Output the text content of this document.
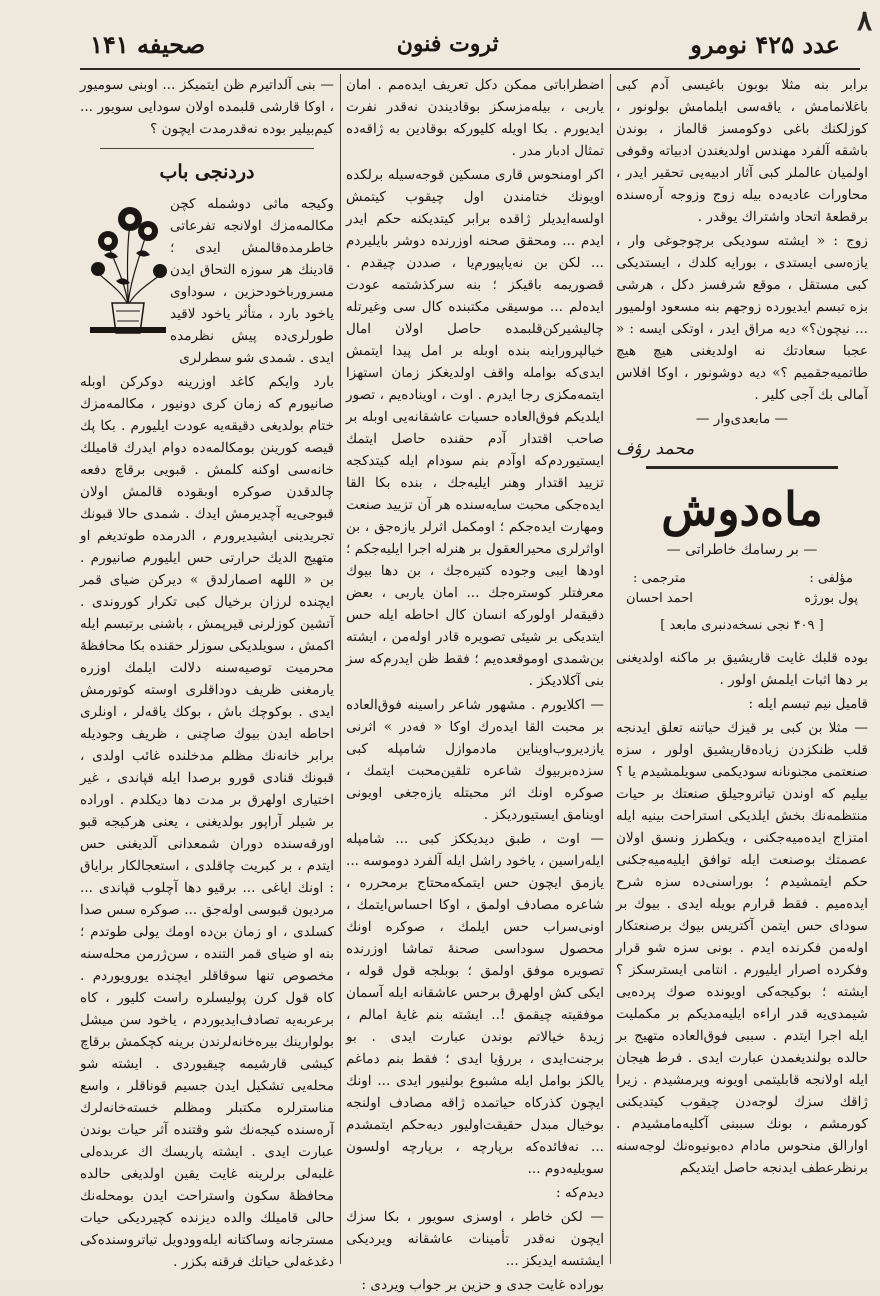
٨
عدد ۴۲۵ نومرو
ثروت فنون
صحیفه ۱۴۱

برابر بنه مثلا بوبون باغیسی آدم کبی باغلانمامش ، یاقه‌سی ایلمامش بولونور ، کوزلکنك باغی دوکومسز قالماز ، بوندن باشقه آلفرد مهندس اولدیغندن ادبیاته وقوفی اولمیان عالملر کبی آثار ادبیه‌یی تحقیر ایدر ، محاورات عادیه‌ده بیله زوج وزوجه آره‌سنده برقطعهٔ اتحاد واشتراك یوقدر .

زوج : « ایشته سودیکی برچوجوغی وار ، یازه‌سی ایستدی ، بورایه کلدك ، ایستدیکی کبی مستقل ، موقع شرفسز دکل ، هرشی بزه تبسم ایدیورده زوجهم بنه مسعود اولمیور ... نیچون؟» دیه مراق ایدر ، اوتکی ایسه : « عجبا سعادتك نه اولدیغنی هیچ هیچ طاتمیه‌جقمیم ؟» دیه دوشونور ، اوکا افلاس آمالی بك آجی کلیر .

— مابعدی‌وار —

محمد رؤف
ماه‌دوش
— بر رسامك خاطراتی —
مؤلفی :
پول بورژه
مترجمی :
احمد احسان
[ ۴۰۹ نجی نسخه‌دنبری مابعد ]

بوده قلبك غایت قاریشیق بر ماکنه اولدیغنی بر دها اثبات ایلمش اولور .

قامیل نیم تبسم ایله :

— مثلا بن کبی بر قیزك حیاتنه تعلق ایدنجه قلب ظنکزدن زیاده‌قاریشیق اولور ، سزه صنعتمی مجنونانه سودیکمی سویلمشیدم یا ؟ بیلیم که اوندن تیاتروجیلق صنعتك بر حیات منتظمه‌نك بخش ایلدیکی استراحت بینیه ایله امتزاج ایده‌میه‌جکنی ، ویکطرز ونسق اولان عصمتك بوصنعت ایله توافق ایلیه‌میه‌جکنی حکم ایتمشیدم ؛ بوراسنی‌ده سزه شرح ایده‌میم . فقط قرارم بویله ایدی . بیوك بر سودای حس ایتمن آکتریس بیوك برصنعتکار اوله‌من فکرنده ایدم . بونی سزه شو قرار وفکرده اصرار ایلیورم . انتامی ایسترسکز ؟ ایشته ؛ بوکیجه‌کی اویونده صوك پرده‌یی شیمدی‌یه قدر اراءه ایلیه‌مدیکم بر مکملیت ایله اجرا ایتدم . سببی فوق‌العاده متهیج بر حالده بولندیغمدن عبارت ایدی . فرط هیجان ایله اولانجه قابلیتمی اویونه ویرمشیدم . زیرا ژاقك سزك لوجه‌دن چیقوب کیتدیکنی کورمشم ، بونك سببنی آکلیه‌مامشیدم . اوارالق منحوس مادام دەبو‌نیوەنك لوجه‌سنه برنظرعطف ایدنجه حاصل ایتدیکم

اضطراباتی ممکن دکل تعریف ایده‌مم . امان یاربی ، بیله‌مزسکز بوقادیندن نه‌قدر نفرت ایدیورم . بکا اویله کلیورکه بوقادین به ژاقه‌ده تمثال ادبار مدر .

اکر اومنحوس قاری مسکین قوجه‌سیله برلکده اویونك ختامندن اول چیقوب کیتمش اولسه‌ایدیلر ژاقده برابر کیتدیکنه حکم ایدر ایدم ... ومحقق صحنه اوزرنده دوشر بایلیردم ... لکن بن نه‌یاپیورم‌یا ، صددن چیقدم . قصوریمه باقیکز ؛ بنه سرکذشتمه عودت ایده‌لم ... موسیقی مکتبنده کال سی وغیرتله چالیشیرکن‌قلبمده حاصل اولان امال خیالپروراینه بنده اوبله بر امل پیدا ایتمش ایدی‌که بوامله واقف اولدیغکز زمان استهزا ایتمه‌مکزی رجا ایدرم . اوت ، اویناده‌یم ، تصور ایلدیکم فوق‌العاده حسیات عاشقانه‌یی اوبله بر صاحب اقتدار آدم حقنده حاصل ایتمك ایستیوردم‌که اوآدم بنم سودام ایله کیتدکجه تزیید اقتدار وهنر ایلیه‌جك ، بنده بکا القا ایده‌جکی محبت سایه‌سنده هر آن تزیید صنعت ومهارت ایده‌جکم ؛ اومکمل اثرلر یازه‌جق ، بن اواثرلری محیرالعقول بر هنرله اجرا ایلیه‌جکم ؛ اودها ایبی وجوده کتیره‌جك ، بن دها بیوك معرفتلر کوستره‌جك ... امان یاربی ، بعض دقیقه‌لر اولورکه انسان کال احاطه ایله حس ایتدیکی بر شیئی تصویره قادر اوله‌من ، ایشته بن‌شمدی اوموقعده‌یم ؛ فقط ظن ایدرم‌که سز بنی آکلادیکز .

— اکلایورم . مشهور شاعر راسینه فوق‌العاده بر محبت القا ایده‌رك اوکا « فەدر » اثرنی یازدیر‌وب‌اویناین مادموازل شامپله کبی سزده‌بربیوك شاعره تلقین‌محبت ایتمك ، صوکره اونك اثر محبتله یازه‌جغی اویونی اوینامق ایستیوردیکز .

— اوت ، طبق دیدیککز کبی ... شامپله ایله‌راسین ، یاخود راشل ایله آلفرد دوموسه ... یازمق ایچون حس ایتمکه‌محتاج برمحرره ، شاعره مصادف اولمق ، اوکا احساس‌ایتمك ، اونی‌سراب حس ایلمك ، صوکره اونك محصول سوداسی صحنهٔ تماشا اوزرنده تصویره موفق اولمق ؛ بوبلجه قول قوله ، ایکی کش اولهرق برحس عاشقانه ایله آسمان موفقیته چیقمق !.. ایشته بنم غایهٔ امالم ، زیدهٔ خیالاتم بوندن عبارت ایدی . بو برجنت‌ایدی ، برر‌ؤیا ایدی ؛ فقط بنم دماغم یالکز بوامل ایله مشبوع بولنیور ایدی ... اونك ایچون کذرکاه حیاتمده ژاقه مصادف اولنجه بوخیال مبدل حقیقت‌اولیور دیه‌حکم ایتمشدم ... نه‌فائده‌که برپارچه ، برپارچه اولسون سویلیه‌دوم ...

دیدم‌که :

— لکن خاطر ، اوسزی سویور ، بکا سزك ایچون نه‌قدر تأمینات عاشقانه ویردیکی ایشتسه ایدیکز ...

بوراده غایت جدی و حزین بر جواب ویردی :

— بنی آلداتیرم ظن ایتمیکز ... اوبنی سومیور ، اوکا قارشی قلبمده اولان سودایی سویور ... کیم‌بیلیر بوده نه‌قدرمدت ایچون ؟

دردنجی باب

وکیجه ماثی دوشمله کچن مکالمه‌مزك اولانجه تفرعاتی خاطرمده‌قالمش ایدی ؛ قادینك هر سوزه التحاق ایدن مسرورباخود‌حزین ، سوداوی یاخود بارد ، متأثر یاخود لاقید طورلری‌ده پیش نظرمده ایدی . شمدی شو سطرلری

بارد وایکم کاغد اوزرینه دوکرکن اوبله صانیورم که زمان کری دونیور ، مکالمه‌مزك ختام بولدیغی دقیقه‌یه عودت ایلیورم . بکا پك قیصه کورینن بومکالمه‌ده دوام ایدرك قامیلك خانه‌سی اوکنه کلمش . قبویی برقاچ دفعه چالدقدن صوکره اوبقوده قالمش اولان قبوجی‌یه آچدیرمش ایدك . شمدی حالا قبونك تجریدینی ایشیدیرورم ، الدرمده طوتدیغم او متهیج الدیك حرارتی حس ایلیورم صانیورم . بن « اللهه اصمارلدق » دیرکن ضیای قمر ایچنده لرزان برخیال کبی تکرار کوروندی . آتشین کوزلرنی قیرپمش ، باشنی برتبسم ایله اکمش ، سویلدیکی سوزلر حقنده بکا محافظهٔ محرمیت توصیه‌سنه دلالت ایلمك اوزره یارمغنی ظریف دوداقلری اوسته کوتورمش ایدی . بوکوچك باش ، بوکك یاقه‌لر ، اونلری احاطه ایدن بیوك صاچنی ، ظریف وجودیله برابر خانه‌نك مظلم مدخلنده غائب اولدی ، قبونك قنادی قورو برصدا ایله قپاندی ، غیر اختیاری اولهرق بر مدت دها دیکلدم . اوراده بر شیلر آراپور بولدیغنی ، یعنی هرکیجه قبو اورقه‌سنده دوران شمعدانی آلدیغنی حس ایتدم ، بر کبریت چاقلدی ، استعجالکار برایاق : اونك ایاغی ... برقیو دها آچلوب قپاندی ... مردیون قبوسی اوله‌جق ... صوکره سس صدا کسلدی ، او زمان بن‌ده اومك یولی طوتدم ؛ بنه او ضیای قمر التنده ، سن‌ژرمن محله‌سنه مخصوص تنها سوقاقلر ایچنده یورویوردم . کاه قول کرن پولیسلره راست کلیور ، کاه برعربه‌یه تصادف‌ایدیوردم ، یاخود سن میشل بولوار‌ینك بیره‌خانه‌لرندن برینه کچکمش برقاچ کیشی قارشیمه چیقیوردی . ایشته شو محله‌یی تشکیل ایدن جسیم قوناقلر ، واسع مناسترلره مکتبلر ومظلم خسته‌خانه‌لرك آره‌سنده کیجه‌نك شو وقتنده آثر حیات بوندن عبارت ایدی . ایشته پاریسك اك عربده‌لی غلبه‌لی برلرینه غایت یقین اولدیغی حالده محافظهٔ سکون واستراحت ایدن بومحله‌نك حالی قامیلك والده دیزنده کچیردیکی حیات مسترجانه وساکتانه ایله‌وودویل تیاتروسنده‌کی دغدغه‌لی حیاتك فرقنه بکزر .
